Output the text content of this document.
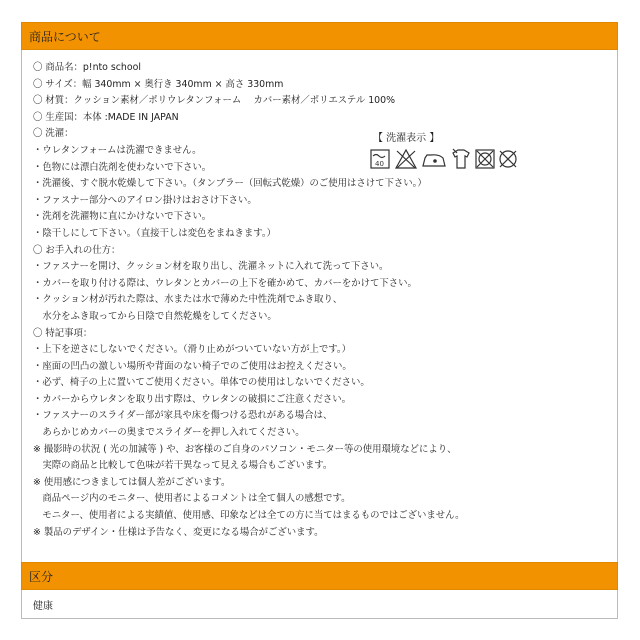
商品について
〇 商品名：p!nto school
〇 サイズ：幅 340mm × 奥行き 340mm × 高さ 330mm
〇 材質：クッション素材／ポリウレタンフォーム　 カバー素材／ポリエステル 100%
〇 生産国：本体 :MADE IN JAPAN
〇 洗濯：
・ウレタンフォームは洗濯できません。
・色物には漂白洗剤を使わないで下さい。
・洗濯後、すぐ脱水乾燥して下さい。（タンブラー（回転式乾燥）のご使用はさけて下さい。）
・ファスナー部分へのアイロン掛けはおさけ下さい。
・洗剤を洗濯物に直にかけないで下さい。
・陰干しにして下さい。（直接干しは変色をまねきます。）
〇 お手入れの仕方：
・ファスナーを開け、クッション材を取り出し、洗濯ネットに入れて洗って下さい。
・カバーを取り付ける際は、ウレタンとカバーの上下を確かめて、カバーをかけて下さい。
・クッション材が汚れた際は、水または水で薄めた中性洗剤でふき取り、
　水分をふき取ってから日陰で自然乾燥をしてください。
〇 特記事項：
・上下を逆さにしないでください。（滑り止めがついていない方が上です。）
・座面の凹凸の激しい場所や背面のない椅子でのご使用はお控えください。
・必ず、椅子の上に置いてご使用ください。単体での使用はしないでください。
・カバーからウレタンを取り出す際は、ウレタンの破損にご注意ください。
・ファスナーのスライダー部が家具や床を傷つける恐れがある場合は、
　あらかじめカバーの奥までスライダーを押し入れてください。
※ 撮影時の状況 ( 光の加減等 ) や、お客様のご自身のパソコン・モニター等の使用環境などにより、
　実際の商品と比較して色味が若干異なって見える場合もございます。
※ 使用感につきましては個人差がございます。
　商品ページ内のモニター、使用者によるコメントは全て個人の感想です。
　モニター、使用者による実績値、使用感、印象などは全ての方に当てはまるものではございません。
※ 製品のデザイン・仕様は予告なく、変更になる場合がございます。
【 洗濯表示 】
40
区分
健康
